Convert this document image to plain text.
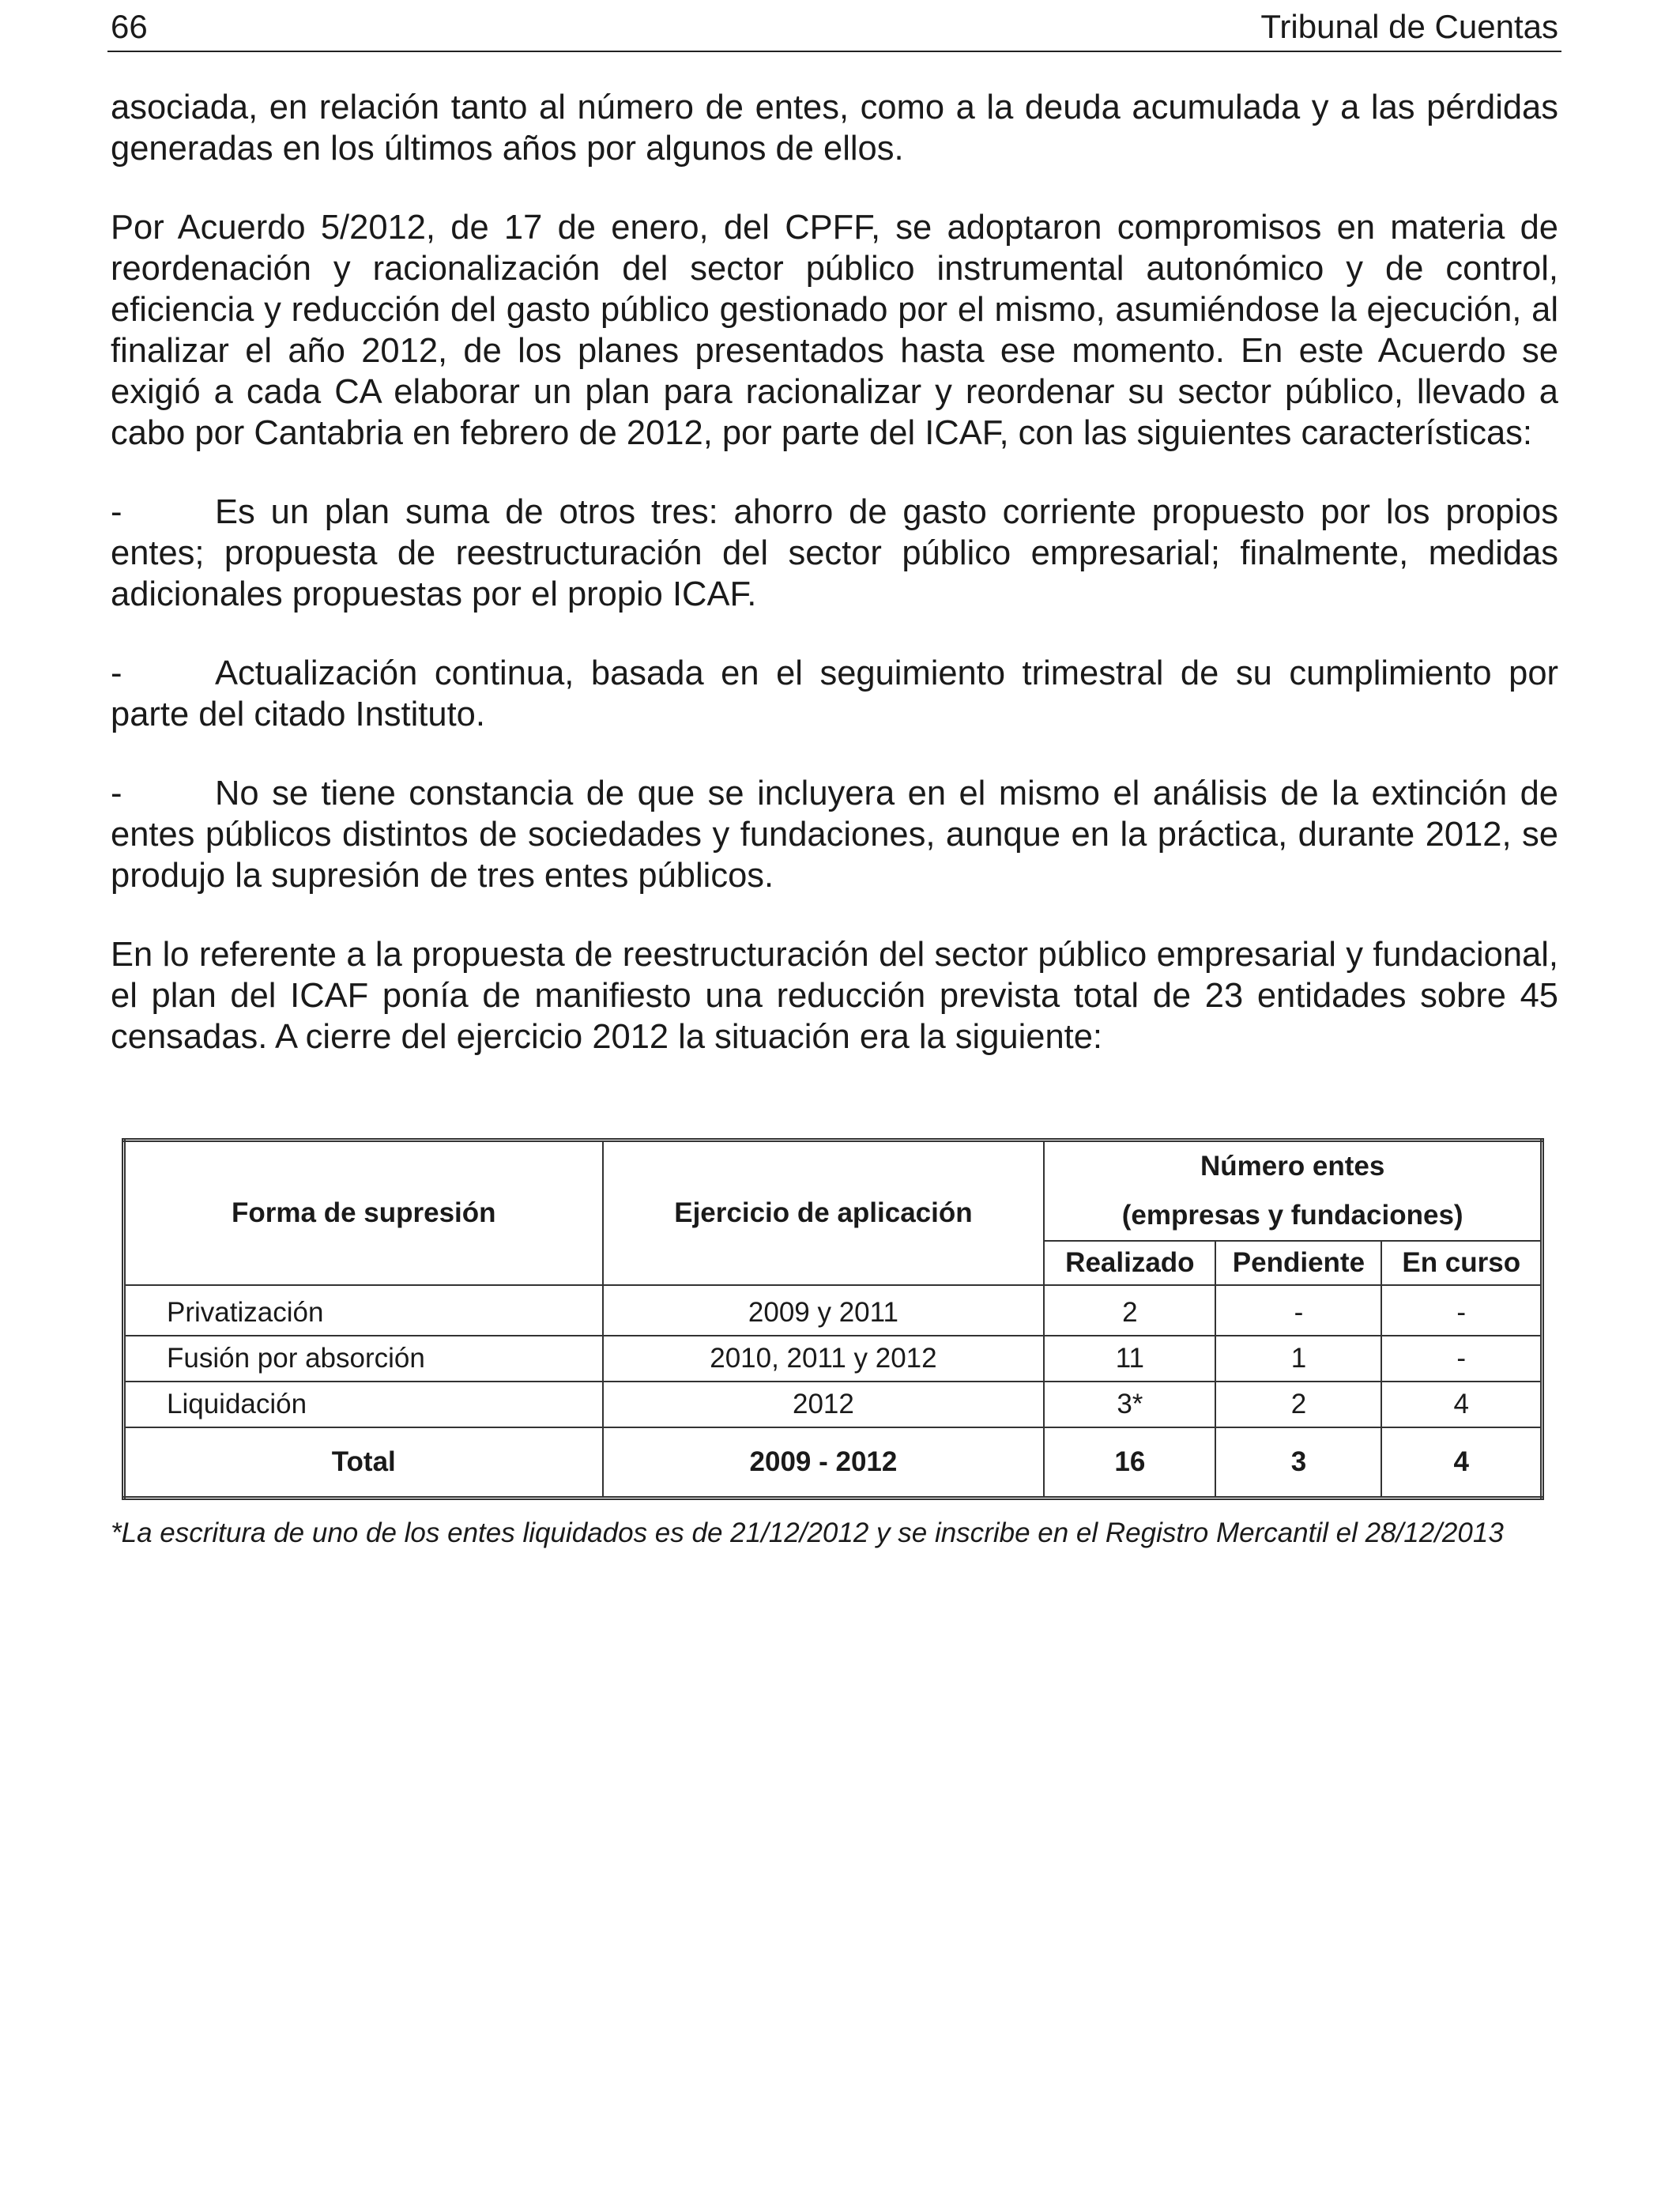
66	Tribunal de Cuentas

asociada, en relación tanto al número de entes, como a la deuda acumulada y a las pérdidas generadas en los últimos años por algunos de ellos.

Por Acuerdo 5/2012, de 17 de enero, del CPFF, se adoptaron compromisos en materia de reordenación y racionalización del sector público instrumental autonómico y de control, eficiencia y reducción del gasto público gestionado por el mismo, asumiéndose la ejecución, al finalizar el año 2012, de los planes presentados hasta ese momento. En este Acuerdo se exigió a cada CA elaborar un plan para racionalizar y reordenar su sector público, llevado a cabo por Cantabria en febrero de 2012, por parte del ICAF, con las siguientes características:

-	Es un plan suma de otros tres: ahorro de gasto corriente propuesto por los propios entes; propuesta de reestructuración del sector público empresarial; finalmente, medidas adicionales propuestas por el propio ICAF.

-	Actualización continua, basada en el seguimiento trimestral de su cumplimiento por parte del citado Instituto.

-	No se tiene constancia de que se incluyera en el mismo el análisis de la extinción de entes públicos distintos de sociedades y fundaciones, aunque en la práctica, durante 2012, se produjo la supresión de tres entes públicos.

En lo referente a la propuesta de reestructuración del sector público empresarial y fundacional, el plan del ICAF ponía de manifiesto una reducción prevista total de 23 entidades sobre 45 censadas. A cierre del ejercicio 2012 la situación era la siguiente:

Forma de supresión	Ejercicio de aplicación	Número entes
(empresas y fundaciones)		

		Realizado	Pendiente	En curso
Privatización	2009 y 2011	2	-	-
Fusión por absorción	2010, 2011 y 2012	11	1	-
Liquidación	2012	3*	2	4
Total	2009 - 2012	16	3	4
*La escritura de uno de los entes liquidados es de 21/12/2012 y se inscribe en el Registro Mercantil el 28/12/2013
